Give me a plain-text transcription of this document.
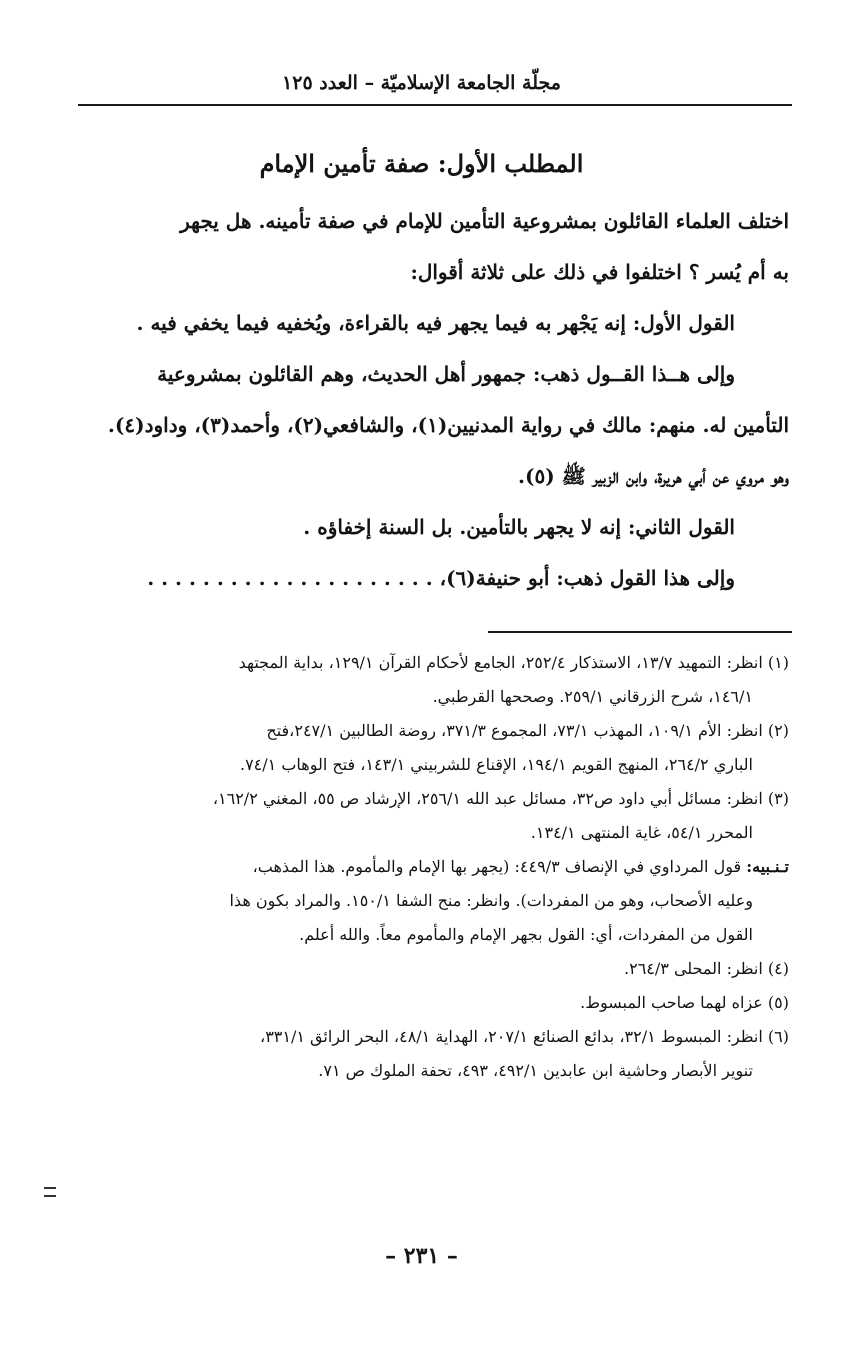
مجلّة الجامعة الإسلاميّة – العدد ١٢٥
المطلب الأول: صفة تأمين الإمام
اختلف العلماء القائلون بمشروعية التأمين للإمام في صفة تأمينه. هل يجهر
به أم يُسر ؟ اختلفوا في ذلك على ثلاثة أقوال:
القول الأول: إنه يَجْهر به فيما يجهر فيه بالقراءة، ويُخفيه فيما يخفي فيه .
وإلى هــذا القــول ذهب: جمهور أهل الحديث، وهم القائلون بمشروعية
التأمين له. منهم: مالك في رواية المدنيين(١)، والشافعي(٢)، وأحمد(٣)، وداود(٤).
وهو مروي عن أبي هريرة، وابن الزبير ﷺ (٥).
القول الثاني: إنه لا يجهر بالتأمين. بل السنة إخفاؤه .
وإلى هذا القول ذهب: أبو حنيفة(٦)، . . . . . . . . . . . . . . . . . . . . .
(١) انظر: التمهيد ١٣/٧، الاستذكار ٢٥٢/٤، الجامع لأحكام القرآن ١٢٩/١، بداية المجتهد
١٤٦/١، شرح الزرقاني ٢٥٩/١. وصححها القرطبي.
(٢) انظر: الأم ١٠٩/١، المهذب ٧٣/١، المجموع ٣٧١/٣، روضة الطالبين ٢٤٧/١،فتح
الباري ٢٦٤/٢، المنهج القويم ١٩٤/١، الإقناع للشربيني ١٤٣/١، فتح الوهاب ٧٤/١.
(٣) انظر: مسائل أبي داود ص٣٢، مسائل عبد الله ٢٥٦/١، الإرشاد ص ٥٥، المغني ١٦٢/٢،
المحرر ٥٤/١، غاية المنتهى ١٣٤/١.
تـنـبيه: قول المرداوي في الإنصاف ٤٤٩/٣: (يجهر بها الإمام والمأموم. هذا المذهب،
وعليه الأصحاب، وهو من المفردات). وانظر: منح الشفا ١٥٠/١. والمراد بكون هذا
القول من المفردات، أي: القول بجهر الإمام والمأموم معاً. والله أعلم.
(٤) انظر: المحلى ٢٦٤/٣.
(٥) عزاه لهما صاحب المبسوط.
(٦) انظر: المبسوط ٣٢/١، بدائع الصنائع ٢٠٧/١، الهداية ٤٨/١، البحر الرائق ٣٣١/١،
تنوير الأبصار وحاشية ابن عابدين ٤٩٢/١، ٤٩٣، تحفة الملوك ص ٧١.
– ٢٣١ –
